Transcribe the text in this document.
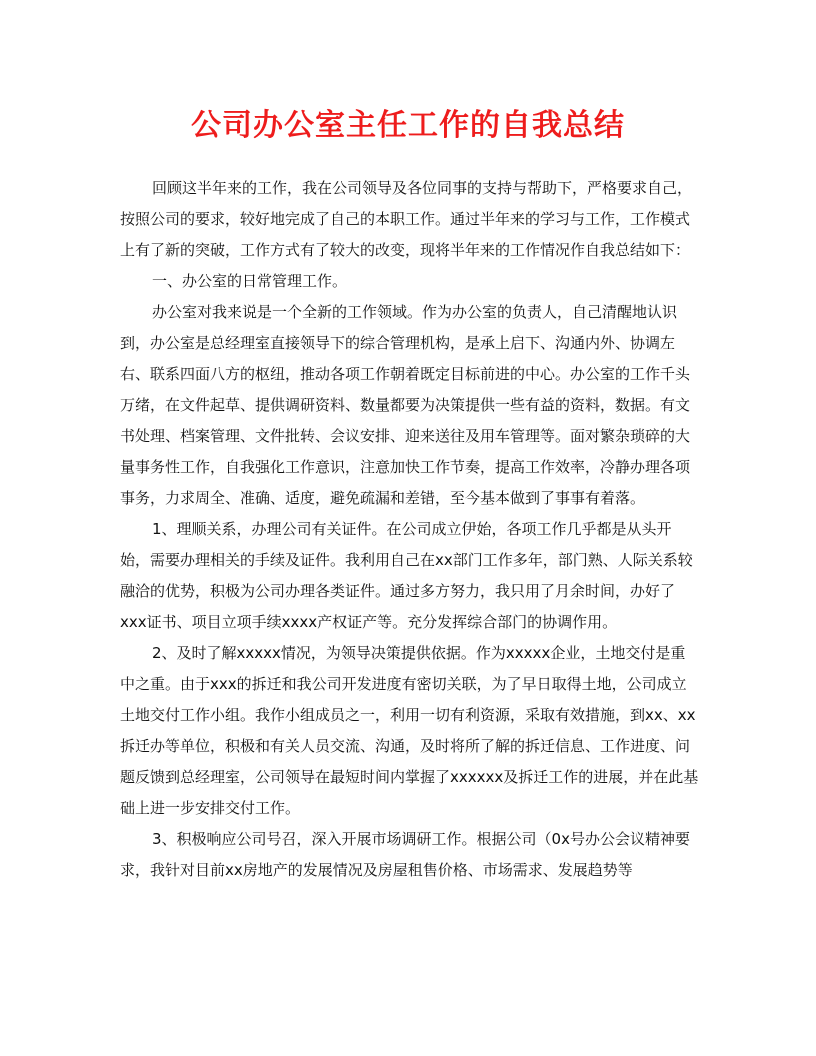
公司办公室主任工作的自我总结

回顾这半年来的工作，我在公司领导及各位同事的支持与帮助下，严格要求自己，按照公司的要求，较好地完成了自己的本职工作。通过半年来的学习与工作，工作模式上有了新的突破，工作方式有了较大的改变，现将半年来的工作情况作自我总结如下：

一、办公室的日常管理工作。

办公室对我来说是一个全新的工作领域。作为办公室的负责人，自己清醒地认识到，办公室是总经理室直接领导下的综合管理机构，是承上启下、沟通内外、协调左右、联系四面八方的枢纽，推动各项工作朝着既定目标前进的中心。办公室的工作千头万绪，在文件起草、提供调研资料、数量都要为决策提供一些有益的资料，数据。有文书处理、档案管理、文件批转、会议安排、迎来送往及用车管理等。面对繁杂琐碎的大量事务性工作，自我强化工作意识，注意加快工作节奏，提高工作效率，冷静办理各项事务，力求周全、准确、适度，避免疏漏和差错，至今基本做到了事事有着落。

1、理顺关系，办理公司有关证件。在公司成立伊始，各项工作几乎都是从头开始，需要办理相关的手续及证件。我利用自己在xx部门工作多年，部门熟、人际关系较融洽的优势，积极为公司办理各类证件。通过多方努力，我只用了月余时间，办好了xxx证书、项目立项手续xxxx产权证产等。充分发挥综合部门的协调作用。

2、及时了解xxxxx情况，为领导决策提供依据。作为xxxxx企业，土地交付是重中之重。由于xxx的拆迁和我公司开发进度有密切关联，为了早日取得土地，公司成立土地交付工作小组。我作小组成员之一，利用一切有利资源，采取有效措施，到xx、xx拆迁办等单位，积极和有关人员交流、沟通，及时将所了解的拆迁信息、工作进度、问题反馈到总经理室，公司领导在最短时间内掌握了xxxxxx及拆迁工作的进展，并在此基础上进一步安排交付工作。

3、积极响应公司号召，深入开展市场调研工作。根据公司（0x号办公会议精神要求，我针对目前xx房地产的发展情况及房屋租售价格、市场需求、发展趋势等
